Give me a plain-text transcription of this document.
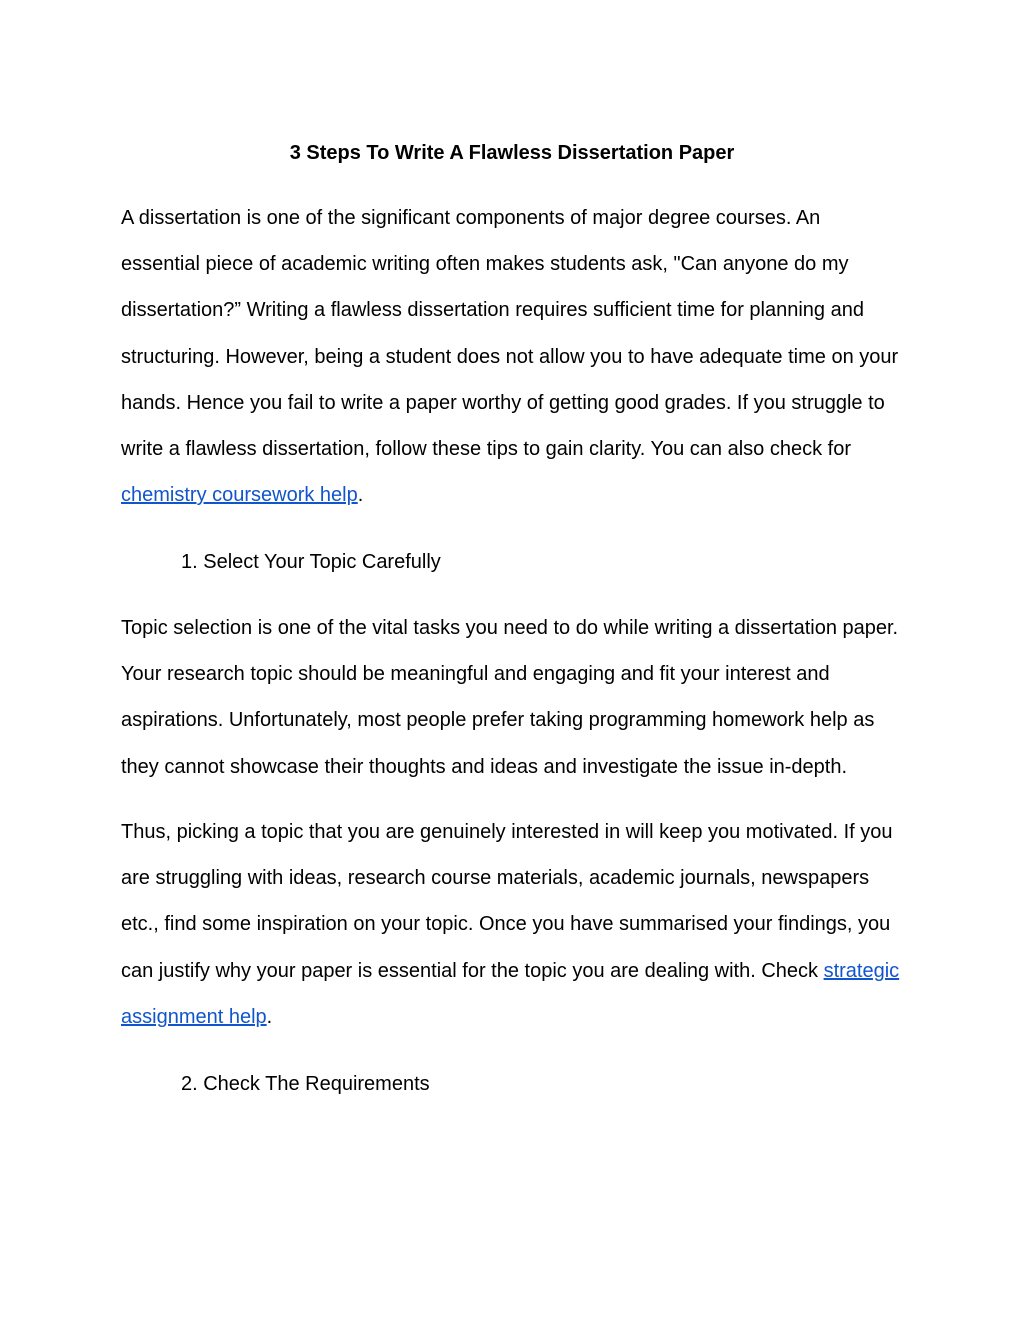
3 Steps To Write A Flawless Dissertation Paper

A dissertation is one of the significant components of major degree courses. An
essential piece of academic writing often makes students ask, "Can anyone do my
dissertation?” Writing a flawless dissertation requires sufficient time for planning and
structuring. However, being a student does not allow you to have adequate time on your
hands. Hence you fail to write a paper worthy of getting good grades. If you struggle to
write a flawless dissertation, follow these tips to gain clarity. You can also check for
chemistry coursework help.

1. Select Your Topic Carefully

Topic selection is one of the vital tasks you need to do while writing a dissertation paper.
Your research topic should be meaningful and engaging and fit your interest and
aspirations. Unfortunately, most people prefer taking programming homework help as
they cannot showcase their thoughts and ideas and investigate the issue in-depth.

Thus, picking a topic that you are genuinely interested in will keep you motivated. If you
are struggling with ideas, research course materials, academic journals, newspapers
etc., find some inspiration on your topic. Once you have summarised your findings, you
can justify why your paper is essential for the topic you are dealing with. Check strategic
assignment help.

2. Check The Requirements
